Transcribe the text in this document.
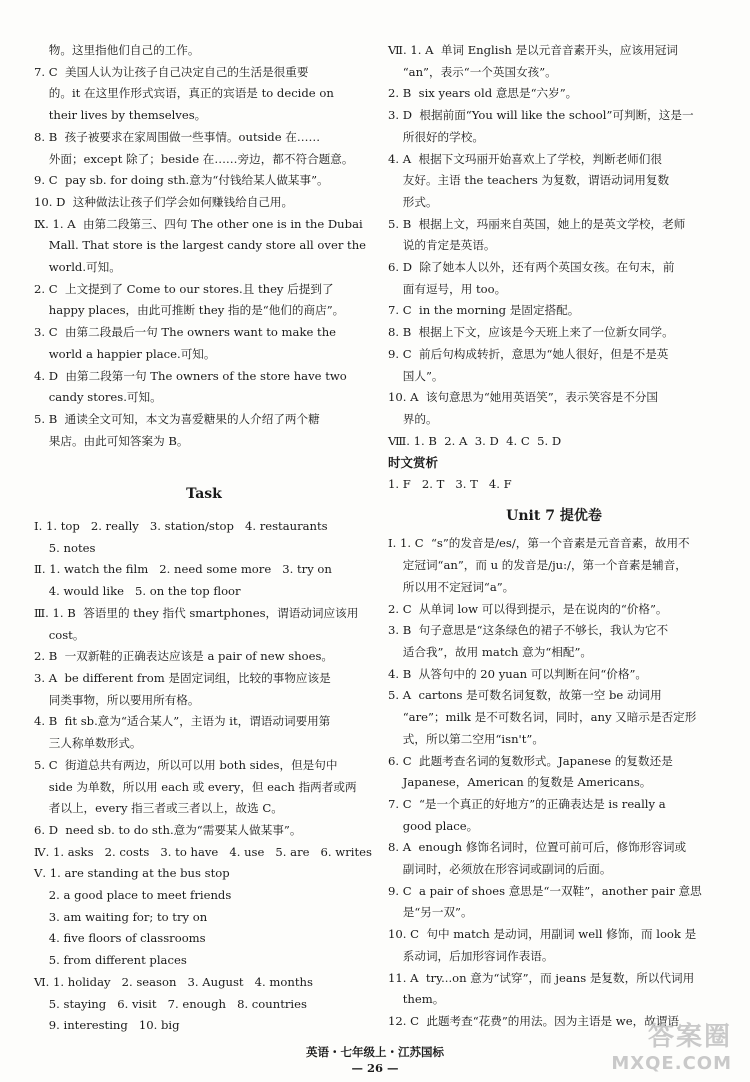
物。这里指他们自己的工作。
7. C  美国人认为让孩子自己决定自己的生活是很重要
的。it 在这里作形式宾语，真正的宾语是 to decide on
their lives by themselves。
8. B  孩子被要求在家周围做一些事情。outside 在……
外面；except 除了；beside 在……旁边，都不符合题意。
9. C  pay sb. for doing sth.意为“付钱给某人做某事”。
10. D  这种做法让孩子们学会如何赚钱给自己用。
Ⅸ. 1. A  由第二段第三、四句 The other one is in the Dubai
Mall. That store is the largest candy store all over the
world.可知。
2. C  上文提到了 Come to our stores.且 they 后提到了
happy places，由此可推断 they 指的是“他们的商店”。
3. C  由第二段最后一句 The owners want to make the
world a happier place.可知。
4. D  由第二段第一句 The owners of the store have two
candy stores.可知。
5. B  通读全文可知，本文为喜爱糖果的人介绍了两个糖
果店。由此可知答案为 B。
Task
Ⅰ. 1. top   2. really   3. station/stop   4. restaurants
5. notes
Ⅱ. 1. watch the film   2. need some more   3. try on
4. would like   5. on the top floor
Ⅲ. 1. B  答语里的 they 指代 smartphones，谓语动词应该用
cost。
2. B  一双新鞋的正确表达应该是 a pair of new shoes。
3. A  be different from 是固定词组，比较的事物应该是
同类事物，所以要用所有格。
4. B  fit sb.意为“适合某人”，主语为 it，谓语动词要用第
三人称单数形式。
5. C  街道总共有两边，所以可以用 both sides，但是句中
side 为单数，所以用 each 或 every，但 each 指两者或两
者以上，every 指三者或三者以上，故选 C。
6. D  need sb. to do sth.意为“需要某人做某事”。
Ⅳ. 1. asks   2. costs   3. to have   4. use   5. are   6. writes
Ⅴ. 1. are standing at the bus stop
2. a good place to meet friends
3. am waiting for; to try on
4. five floors of classrooms
5. from different places
Ⅵ. 1. holiday   2. season   3. August   4. months
5. staying   6. visit   7. enough   8. countries
9. interesting   10. big
Ⅶ. 1. A  单词 English 是以元音音素开头，应该用冠词
“an”，表示“一个英国女孩”。
2. B  six years old 意思是“六岁”。
3. D  根据前面“You will like the school”可判断，这是一
所很好的学校。
4. A  根据下文玛丽开始喜欢上了学校，判断老师们很
友好。主语 the teachers 为复数，谓语动词用复数
形式。
5. B  根据上文，玛丽来自英国，她上的是英文学校，老师
说的肯定是英语。
6. D  除了她本人以外，还有两个英国女孩。在句末，前
面有逗号，用 too。
7. C  in the morning 是固定搭配。
8. B  根据上下文，应该是今天班上来了一位新女同学。
9. C  前后句构成转折，意思为“她人很好，但是不是英
国人”。
10. A  该句意思为“她用英语笑”，表示笑容是不分国
界的。
Ⅷ. 1. B  2. A  3. D  4. C  5. D
时文赏析
1. F   2. T   3. T   4. F
Unit 7 提优卷
Ⅰ. 1. C  “s”的发音是/es/，第一个音素是元音音素，故用不
定冠词“an”，而 u 的发音是/ju:/，第一个音素是辅音，
所以用不定冠词“a”。
2. C  从单词 low 可以得到提示，是在说肉的“价格”。
3. B  句子意思是“这条绿色的裙子不够长，我认为它不
适合我”，故用 match 意为“相配”。
4. B  从答句中的 20 yuan 可以判断在问“价格”。
5. A  cartons 是可数名词复数，故第一空 be 动词用
“are”；milk 是不可数名词，同时，any 又暗示是否定形
式，所以第二空用“isn't”。
6. C  此题考查名词的复数形式。Japanese 的复数还是
Japanese，American 的复数是 Americans。
7. C  “是一个真正的好地方”的正确表达是 is really a
good place。
8. A  enough 修饰名词时，位置可前可后，修饰形容词或
副词时，必须放在形容词或副词的后面。
9. C  a pair of shoes 意思是“一双鞋”，another pair 意思
是“另一双”。
10. C  句中 match 是动词，用副词 well 修饰，而 look 是
系动词，后加形容词作表语。
11. A  try...on 意为“试穿”，而 jeans 是复数，所以代词用
them。
12. C  此题考查“花费”的用法。因为主语是 we，故谓语
英语・七年级上・江苏国标
— 26 —
答案圈
MXQE.COM
